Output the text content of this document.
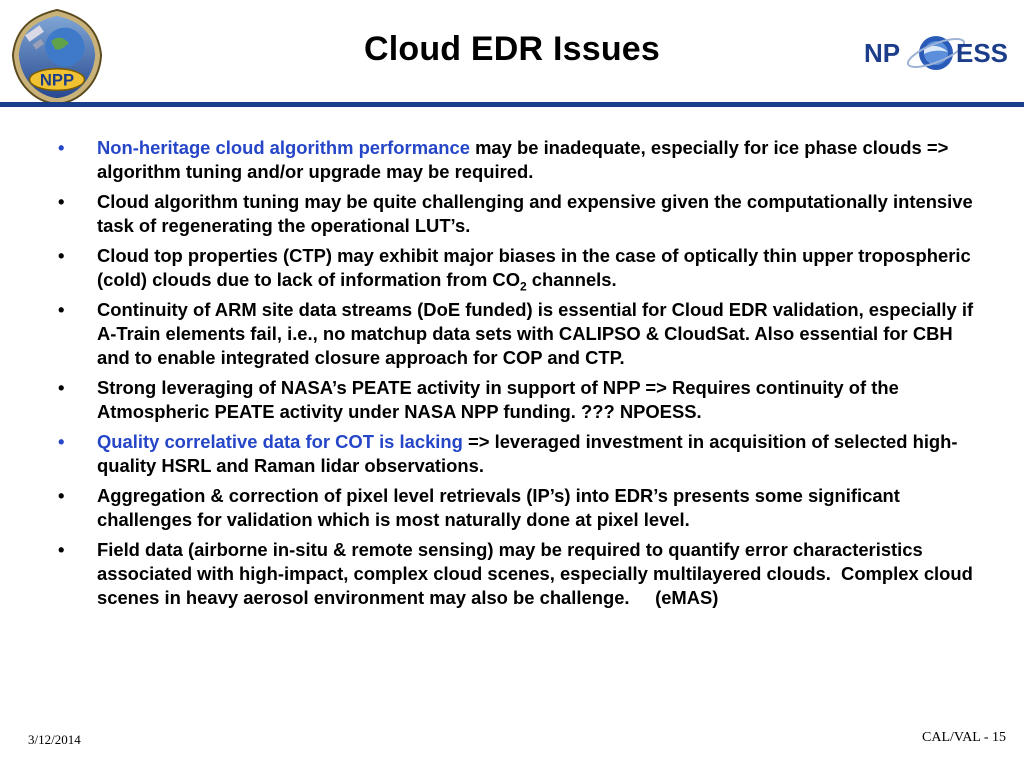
NPP
Cloud EDR Issues	NP ESS
• Non-heritage cloud algorithm performance may be inadequate, especially for ice phase clouds => algorithm tuning and/or upgrade may be required.
• Cloud algorithm tuning may be quite challenging and expensive given the computationally intensive task of regenerating the operational LUT’s.
• Cloud top properties (CTP) may exhibit major biases in the case of optically thin upper tropospheric (cold) clouds due to lack of information from $CO_2$ channels.
• Continuity of ARM site data streams (DoE funded) is essential for Cloud EDR validation, especially if A-Train elements fail, i.e., no matchup data sets with CALIPSO & CloudSat. Also essential for CBH and to enable integrated closure approach for COP and CTP.
• Strong leveraging of NASA’s PEATE activity in support of NPP => Requires continuity of the Atmospheric PEATE activity under NASA NPP funding. ??? NPOESS.
• Quality correlative data for COT is lacking => leveraged investment in acquisition of selected high-quality HSRL and Raman lidar observations.
• Aggregation & correction of pixel level retrievals (IP’s) into EDR’s presents some significant challenges for validation which is most naturally done at pixel level.
• Field data (airborne in-situ & remote sensing) may be required to quantify error characteristics associated with high-impact, complex cloud scenes, especially multilayered clouds.  Complex cloud scenes in heavy aerosol environment may also be challenge.     (eMAS)
3/12/2014	CAL/VAL - 15
